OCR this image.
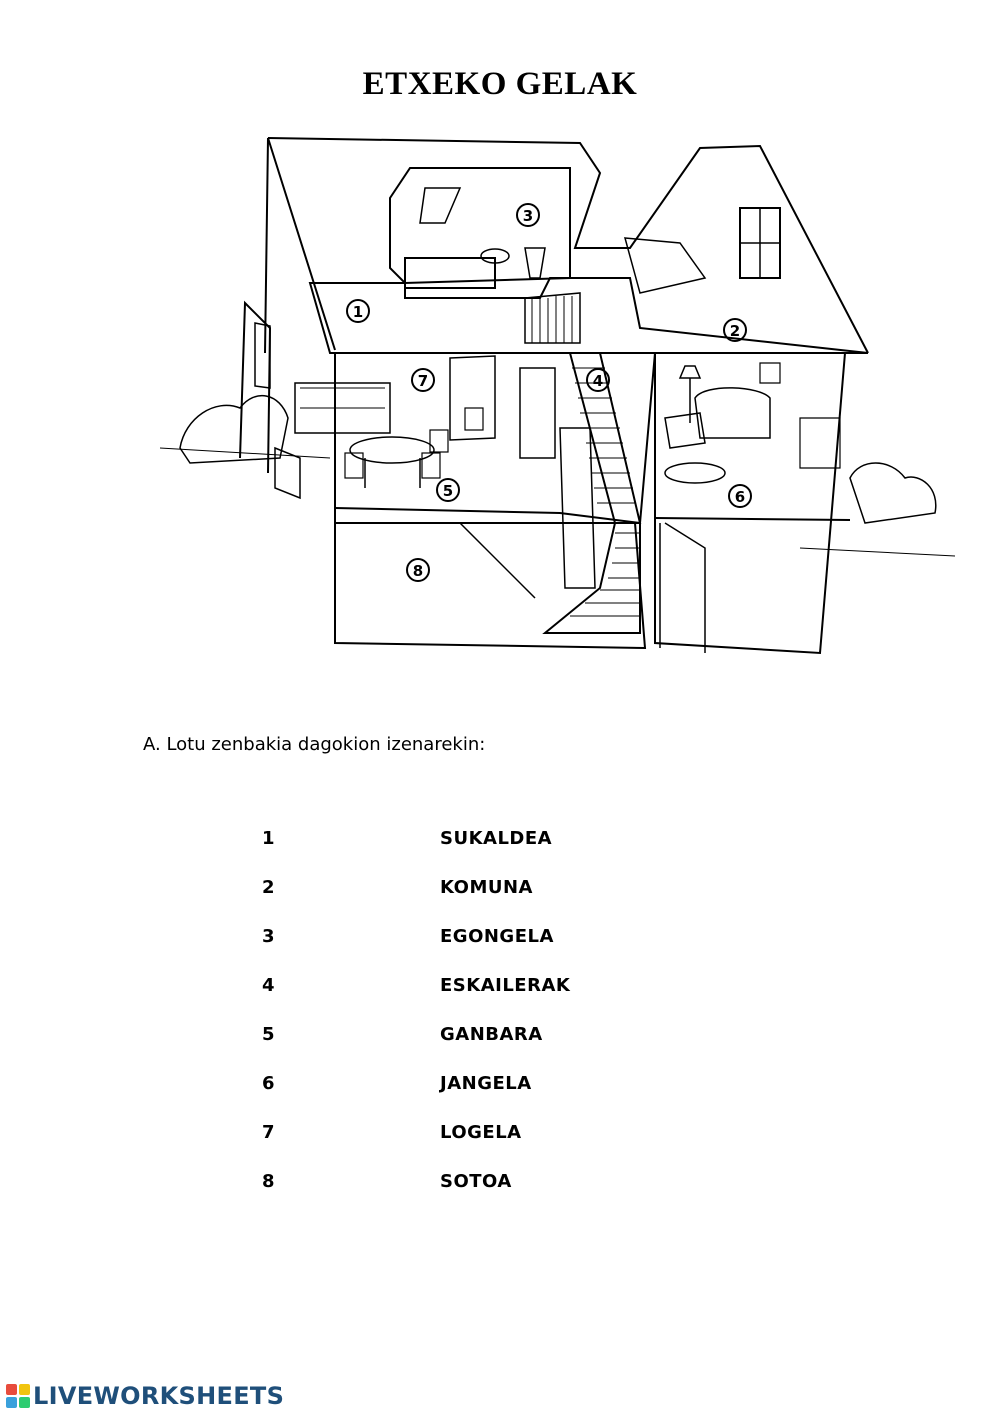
ETXEKO GELAK
1
2
3
4
5	6
7
8
A. Lotu zenbakia dagokion izenarekin:
1	SUKALDEA
2	KOMUNA
3	EGONGELA
4	ESKAILERAK
5	GANBARA
6	JANGELA
7	LOGELA
8	SOTOA
LIVEWORKSHEETS
